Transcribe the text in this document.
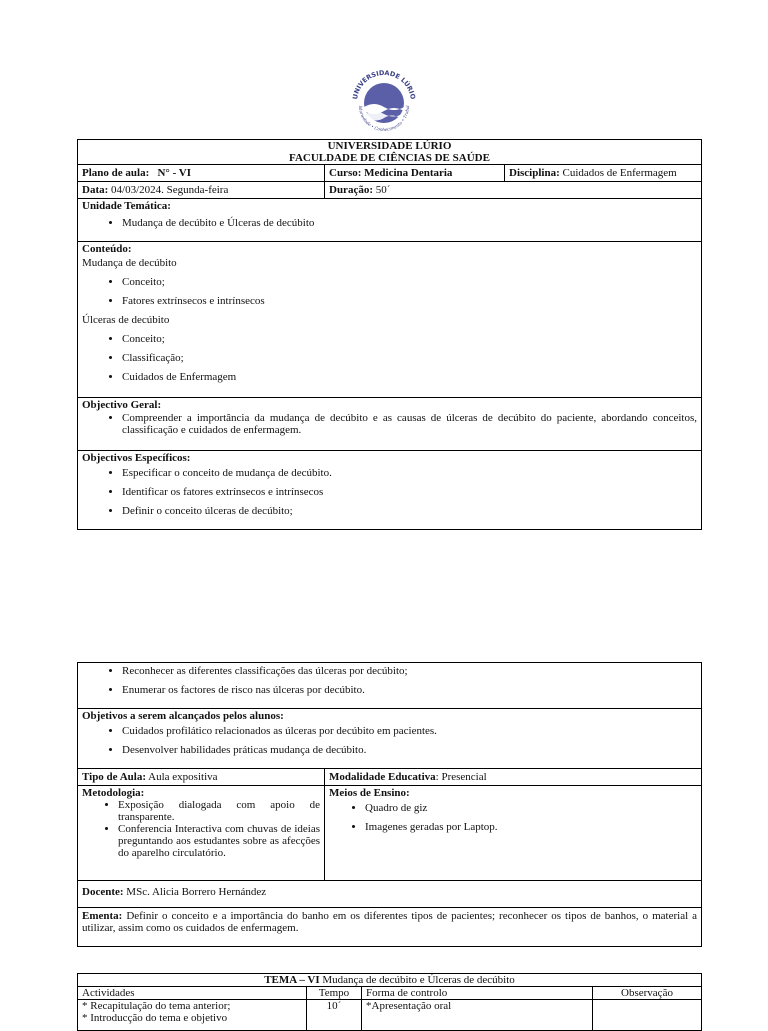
UNIVERSIDADE LÚRIO
lidariedade • Conhecimento • Trabal
UNIVERSIDADE LÚRIO
FACULDADE DE CIÊNCIAS DE SAÚDE
Plano de aula: N° - VI	Curso: Medicina Dentaria	Disciplina: Cuidados de Enfermagem
Data: 04/03/2024. Segunda-feira	Duração: 50´
Unidade Temática:
• Mudança de decúbito e Úlceras de decúbito
Conteúdo:
Mudança de decúbito
• Conceito;
• Fatores extrínsecos e intrínsecos
Úlceras de decúbito
• Conceito;
• Classificação;
• Cuidados de Enfermagem
Objectivo Geral:
• Compreender a importância da mudança de decúbito e as causas de úlceras de decúbito do paciente, abordando conceitos, classificação e cuidados de enfermagem.
Objectivos Específicos:
• Especificar o conceito de mudança de decúbito.
• Identificar os fatores extrínsecos e intrínsecos
• Definir o conceito úlceras de decúbito;
• Reconhecer as diferentes classificações das úlceras por decúbito;
• Enumerar os factores de risco nas úlceras por decúbito.
Objetivos a serem alcançados pelos alunos:
• Cuidados profilático relacionados as úlceras por decúbito em pacientes.
• Desenvolver habilidades práticas mudança de decúbito.
Tipo de Aula: Aula expositiva	Modalidade Educativa: Presencial
Metodologia:
• Exposição dialogada com apoio de transparente.
• Conferencia Interactiva com chuvas de ideias preguntando aos estudantes sobre as afecções do aparelho circulatório.
Meios de Ensino:
• Quadro de giz
• Imagenes geradas por Laptop.
Docente: MSc. Alicia Borrero Hernández
Ementa: Definir o conceito e a importância do banho em os diferentes tipos de pacientes; reconhecer os tipos de banhos, o material a utilizar, assim como os cuidados de enfermagem.
TEMA – VI Mudança de decúbito e Úlceras de decúbito			
Actividades	Tempo	Forma de controlo	Observação

* Recapitulação do tema anterior;
* Introducção do tema e objetivo	10´	*Apresentação oral	
